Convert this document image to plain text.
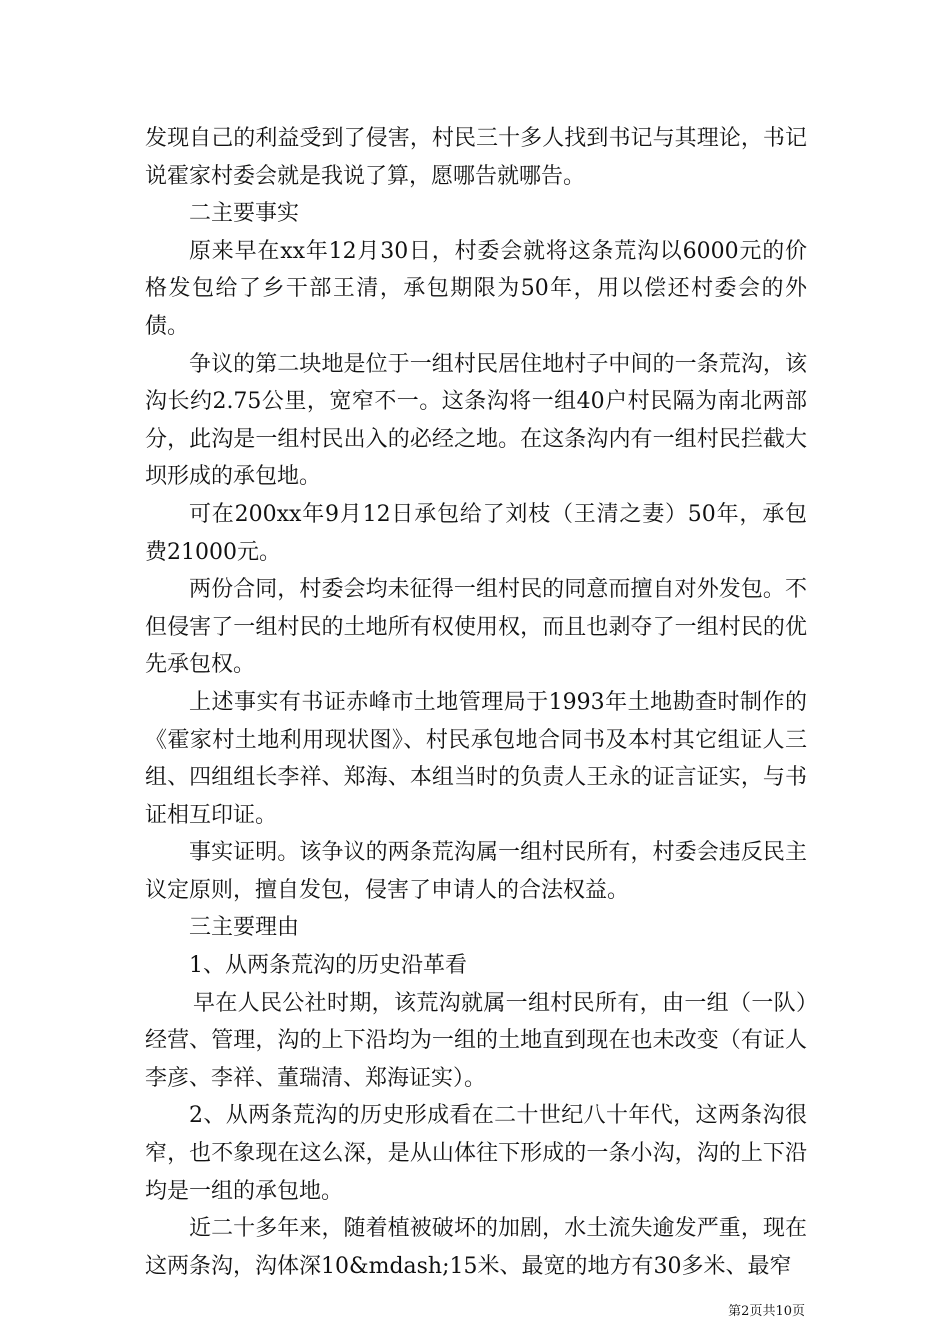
发现自己的利益受到了侵害，村民三十多人找到书记与其理论，书记说霍家村委会就是我说了算，愿哪告就哪告。

二主要事实

原来早在xx年12月30日，村委会就将这条荒沟以6000元的价格发包给了乡干部王清，承包期限为50年，用以偿还村委会的外债。

争议的第二块地是位于一组村民居住地村子中间的一条荒沟，该沟长约2.75公里，宽窄不一。这条沟将一组40户村民隔为南北两部分，此沟是一组村民出入的必经之地。在这条沟内有一组村民拦截大坝形成的承包地。

可在200xx年9月12日承包给了刘枝（王清之妻）50年，承包费21000元。

两份合同，村委会均未征得一组村民的同意而擅自对外发包。不但侵害了一组村民的土地所有权使用权，而且也剥夺了一组村民的优先承包权。

上述事实有书证赤峰市土地管理局于1993年土地勘查时制作的《霍家村土地利用现状图》、村民承包地合同书及本村其它组证人三组、四组组长李祥、郑海、本组当时的负责人王永的证言证实，与书证相互印证。

事实证明。该争议的两条荒沟属一组村民所有，村委会违反民主议定原则，擅自发包，侵害了申请人的合法权益。

三主要理由

1、从两条荒沟的历史沿革看

早在人民公社时期，该荒沟就属一组村民所有，由一组（一队）经营、管理，沟的上下沿均为一组的土地直到现在也未改变（有证人李彦、李祥、董瑞清、郑海证实）。

2、从两条荒沟的历史形成看在二十世纪八十年代，这两条沟很窄，也不象现在这么深，是从山体往下形成的一条小沟，沟的上下沿均是一组的承包地。

近二十多年来，随着植被破坏的加剧，水土流失逾发严重，现在这两条沟，沟体深10&mdash;15米、最宽的地方有30多米、最窄

第2页共10页
